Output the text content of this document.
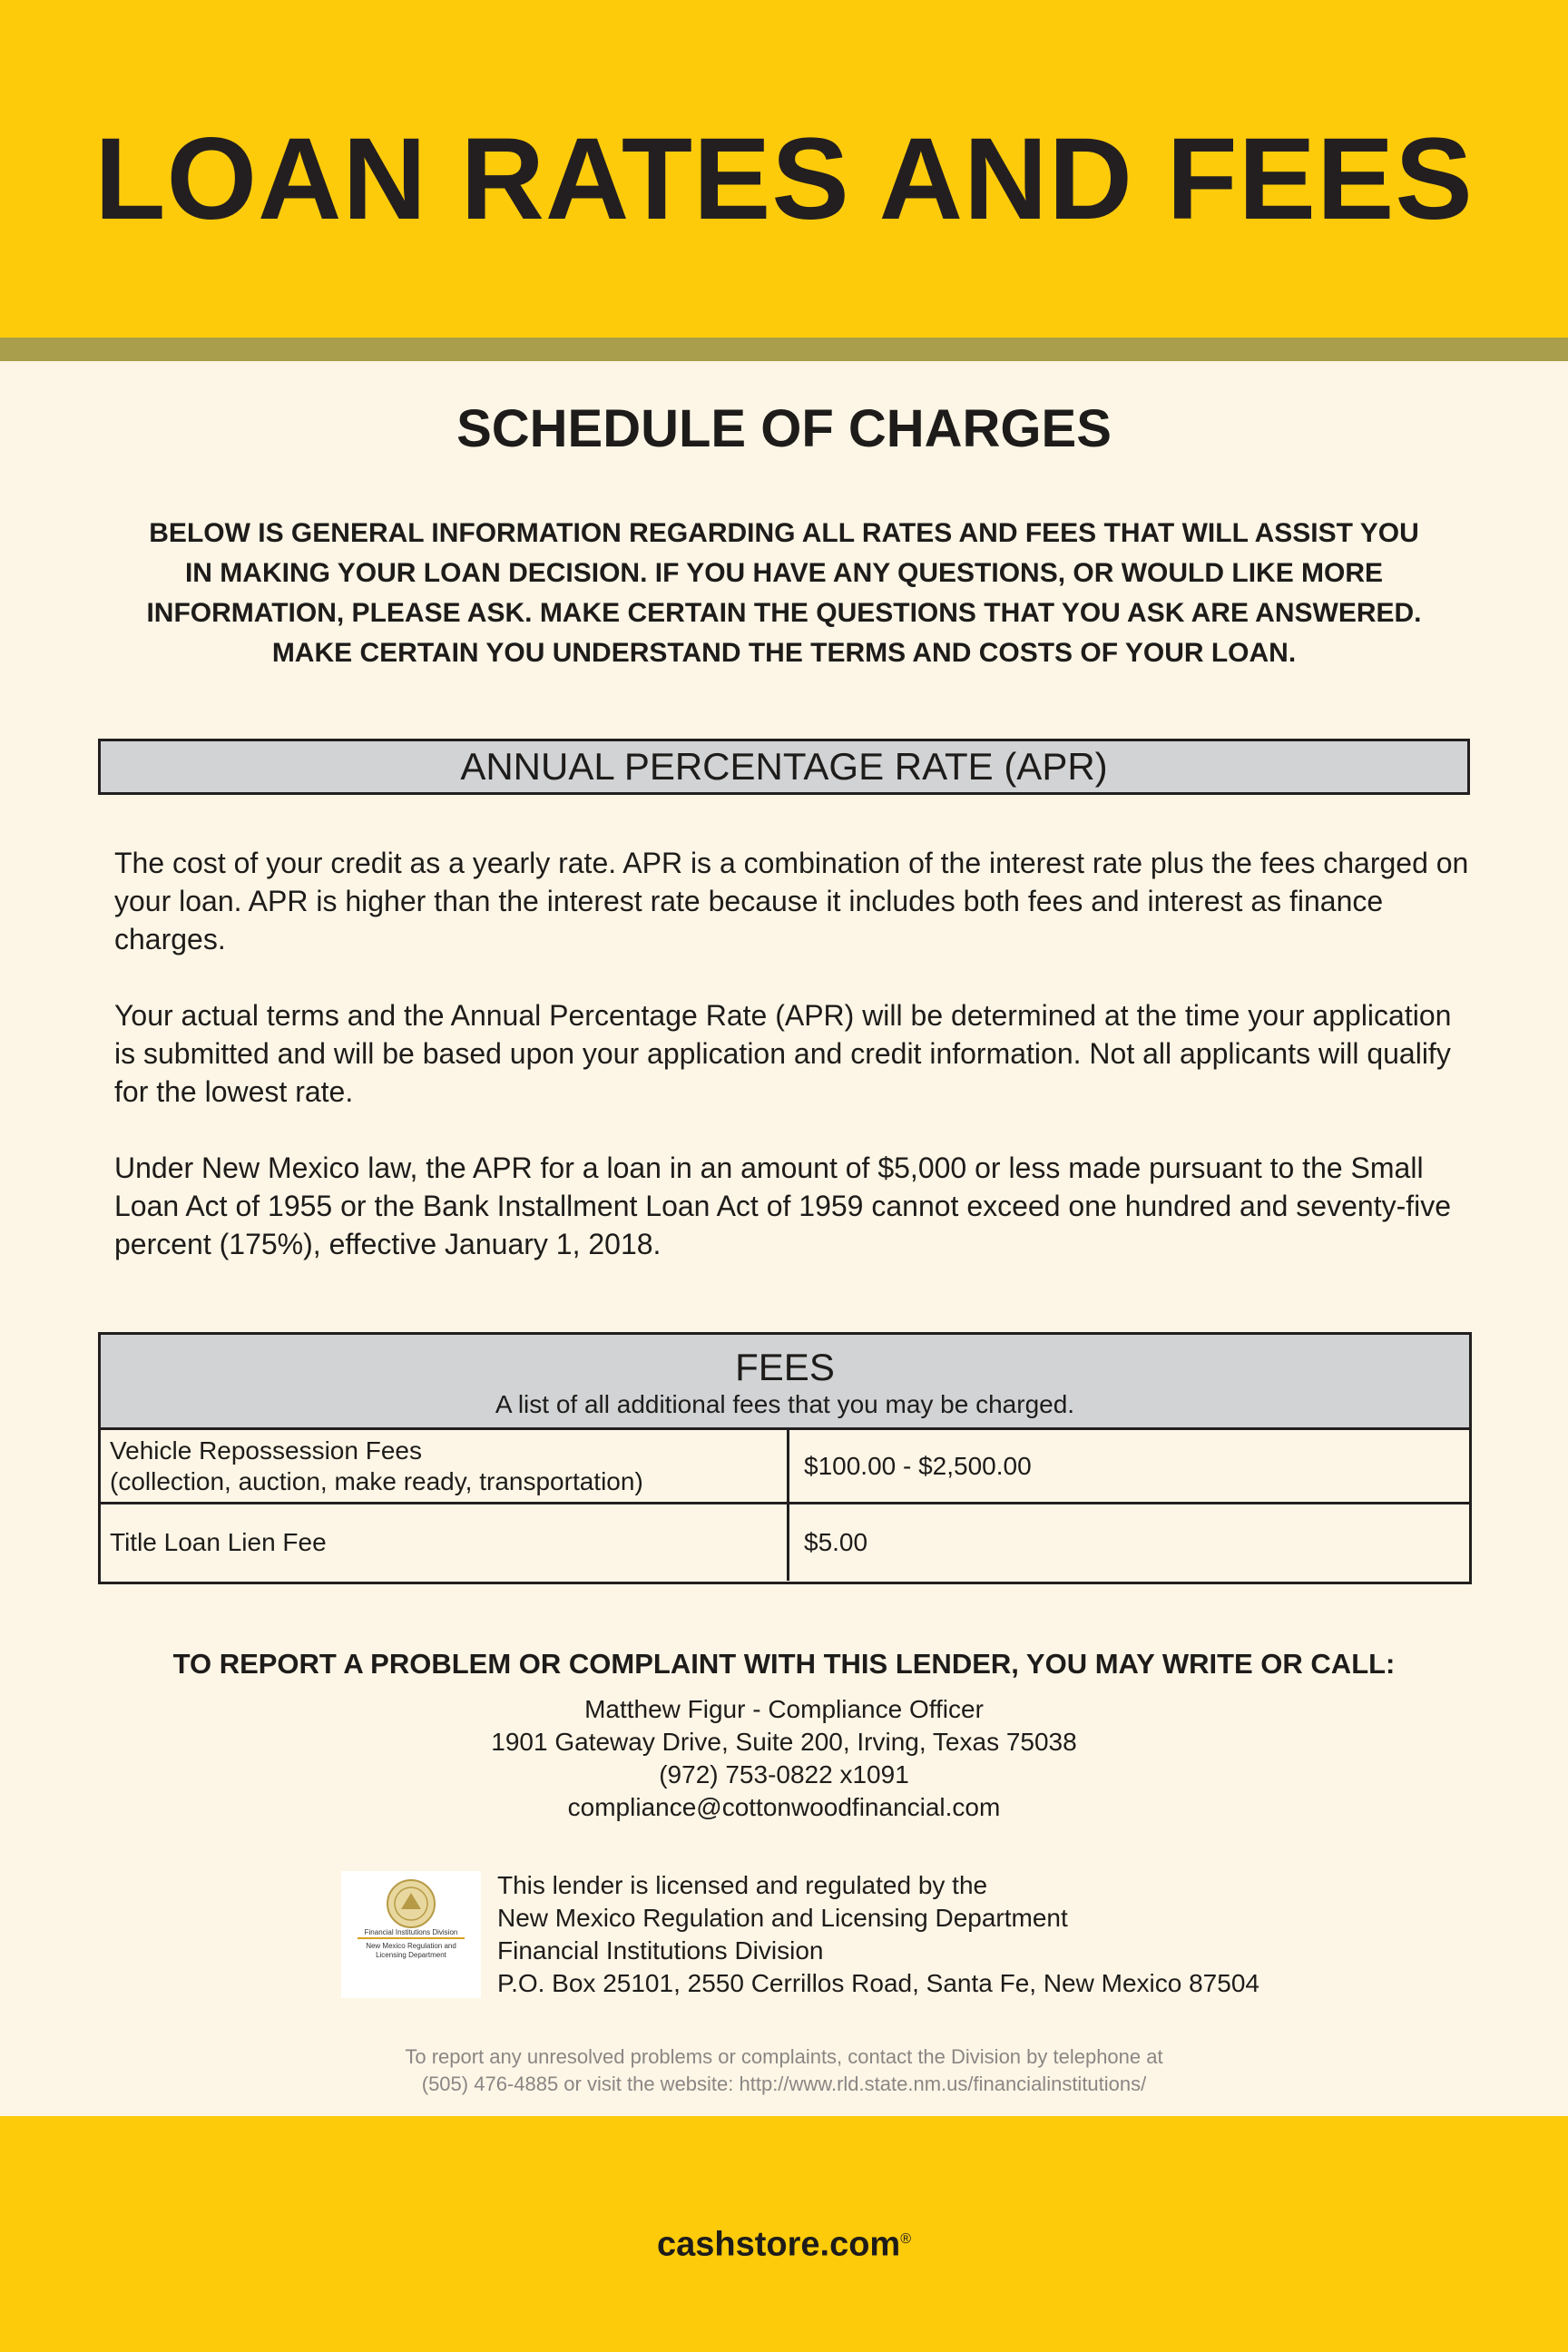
LOAN RATES AND FEES
SCHEDULE OF CHARGES
BELOW IS GENERAL INFORMATION REGARDING ALL RATES AND FEES THAT WILL ASSIST YOU
IN MAKING YOUR LOAN DECISION. IF YOU HAVE ANY QUESTIONS, OR WOULD LIKE MORE
INFORMATION, PLEASE ASK. MAKE CERTAIN THE QUESTIONS THAT YOU ASK ARE ANSWERED.
MAKE CERTAIN YOU UNDERSTAND THE TERMS AND COSTS OF YOUR LOAN.
ANNUAL PERCENTAGE RATE (APR)

The cost of your credit as a yearly rate. APR is a combination of the interest rate plus the fees charged on your loan. APR is higher than the interest rate because it includes both fees and interest as finance charges.

Your actual terms and the Annual Percentage Rate (APR) will be determined at the time your application is submitted and will be based upon your application and credit information. Not all applicants will qualify for the lowest rate.

Under New Mexico law, the APR for a loan in an amount of $5,000 or less made pursuant to the Small Loan Act of 1955 or the Bank Installment Loan Act of 1959 cannot exceed one hundred and seventy-five percent (175%), effective January 1, 2018.

FEES
A list of all additional fees that you may be charged.
Vehicle Repossession Fees
(collection, auction, make ready, transportation)
$100.00 - $2,500.00
Title Loan Lien Fee	$5.00
TO REPORT A PROBLEM OR COMPLAINT WITH THIS LENDER, YOU MAY WRITE OR CALL:
Matthew Figur - Compliance Officer
1901 Gateway Drive, Suite 200, Irving, Texas 75038
(972) 753-0822 x1091
compliance@cottonwoodfinancial.com
Financial Institutions Division
New Mexico Regulation and Licensing Department
This lender is licensed and regulated by the
New Mexico Regulation and Licensing Department
Financial Institutions Division
P.O. Box 25101, 2550 Cerrillos Road, Santa Fe, New Mexico 87504
To report any unresolved problems or complaints, contact the Division by telephone at
(505) 476-4885 or visit the website: http://www.rld.state.nm.us/financialinstitutions/
cashstore.com®
